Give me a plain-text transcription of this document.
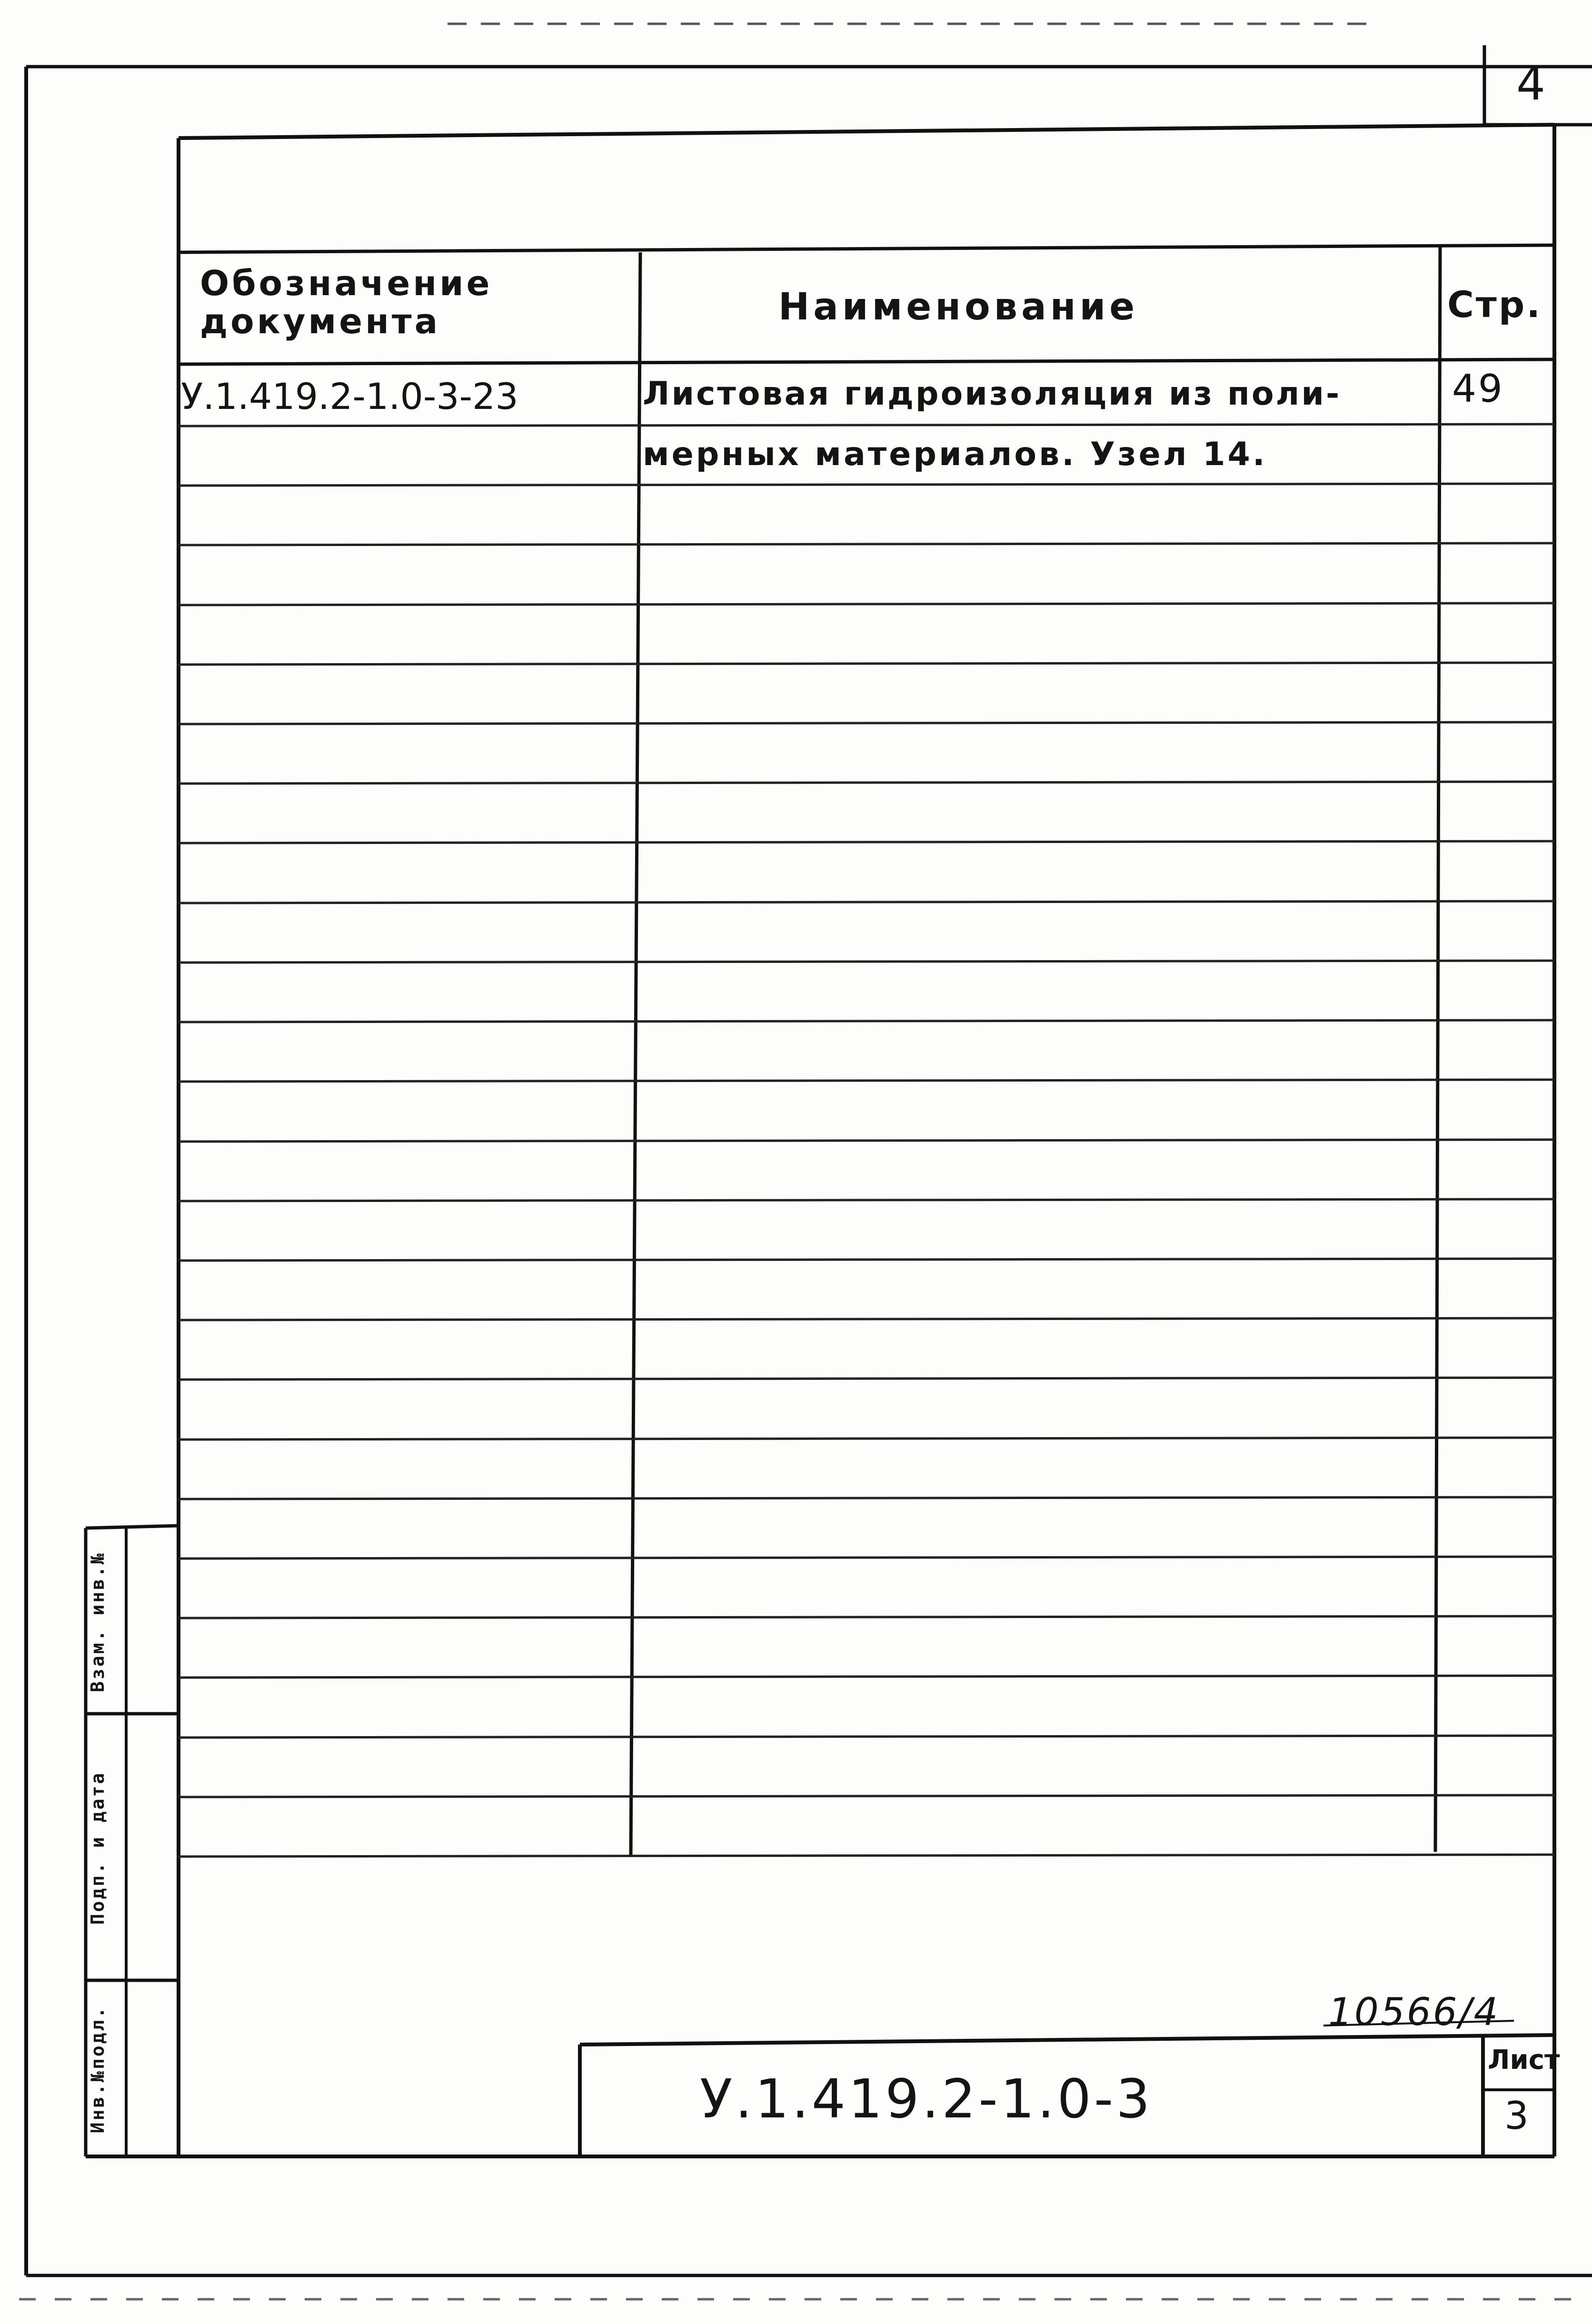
4
Обозначение
документа	Наименование	Стр.
У.1.419.2-1.0-3-23	Листовая гидроизоляция из поли-	49
мерных материалов. Узел 14.
10566/4
У.1.419.2-1.0-3
Лист
3
Взам. инв.№
Подп. и дата
Инв.№подл.
